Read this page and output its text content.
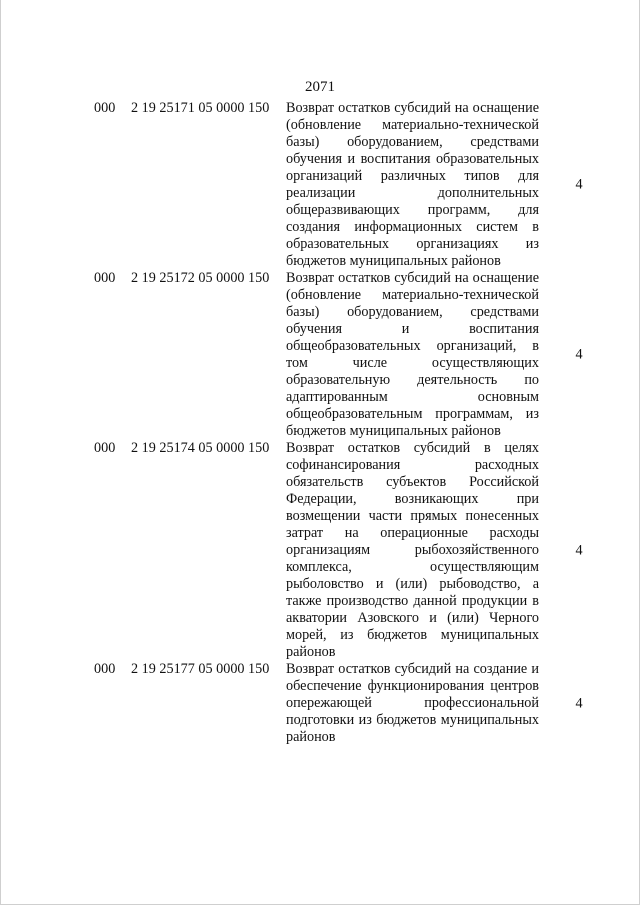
2071
000 2 19 25171 05 0000 150 Возврат остатков субсидий на оснащение (обновление материально-технической базы) оборудованием, средствами обучения и воспитания образовательных организаций различных типов для реализации дополнительных общеразвивающих программ, для создания информационных систем в образовательных организациях из бюджетов муниципальных районов
4
000 2 19 25172 05 0000 150 Возврат остатков субсидий на оснащение (обновление материально-технической базы) оборудованием, средствами обучения и воспитания общеобразовательных организаций, в том числе осуществляющих образовательную деятельность по адаптированным основным общеобразовательным программам, из бюджетов муниципальных районов
4
000 2 19 25174 05 0000 150 Возврат остатков субсидий в целях софинансирования расходных обязательств субъектов Российской Федерации, возникающих при возмещении части прямых понесенных затрат на операционные расходы организациям рыбохозяйственного комплекса, осуществляющим рыболовство и (или) рыбоводство, а также производство данной продукции в акватории Азовского и (или) Черного морей, из бюджетов муниципальных районов
4
000 2 19 25177 05 0000 150 Возврат остатков субсидий на создание и обеспечение функционирования центров опережающей профессиональной подготовки из бюджетов муниципальных районов
4
